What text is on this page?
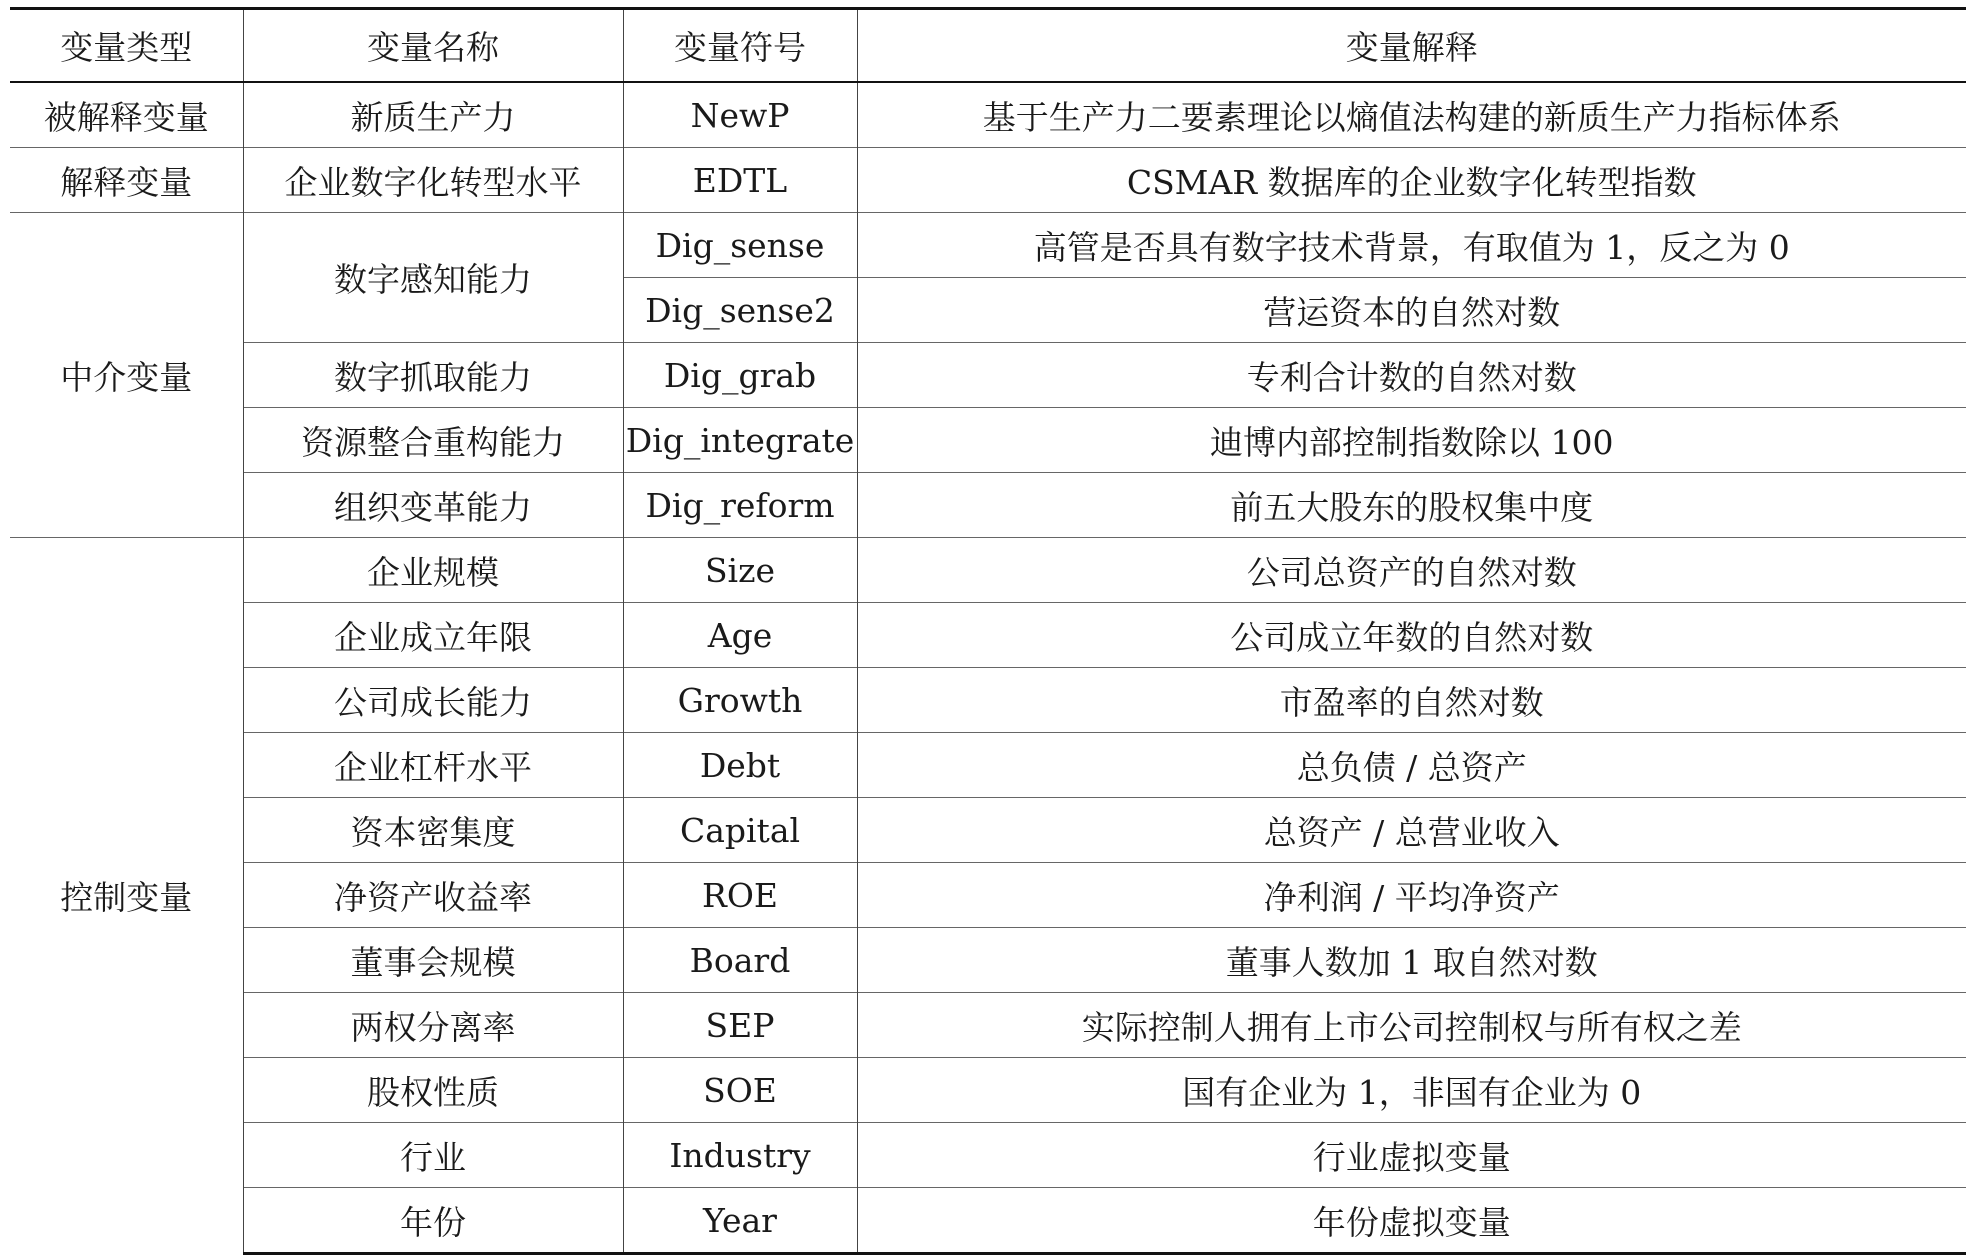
变量类型	变量名称	变量符号	变量解释
被解释变量	新质生产力	NewP	基于生产力二要素理论以熵值法构建的新质生产力指标体系
解释变量	企业数字化转型水平	EDTL	CSMAR 数据库的企业数字化转型指数
中介变量	数字感知能力	Dig_sense	高管是否具有数字技术背景，有取值为 1，反之为 0
		Dig_sense2	营运资本的自然对数
	数字抓取能力	Dig_grab	专利合计数的自然对数
	资源整合重构能力	Dig_integrate	迪博内部控制指数除以 100
	组织变革能力	Dig_reform	前五大股东的股权集中度
控制变量	企业规模	Size	公司总资产的自然对数
	企业成立年限	Age	公司成立年数的自然对数
	公司成长能力	Growth	市盈率的自然对数
	企业杠杆水平	Debt	总负债 / 总资产
	资本密集度	Capital	总资产 / 总营业收入
	净资产收益率	ROE	净利润 / 平均净资产
	董事会规模	Board	董事人数加 1 取自然对数
	两权分离率	SEP	实际控制人拥有上市公司控制权与所有权之差
	股权性质	SOE	国有企业为 1，非国有企业为 0
	行业	Industry	行业虚拟变量
	年份	Year	年份虚拟变量
